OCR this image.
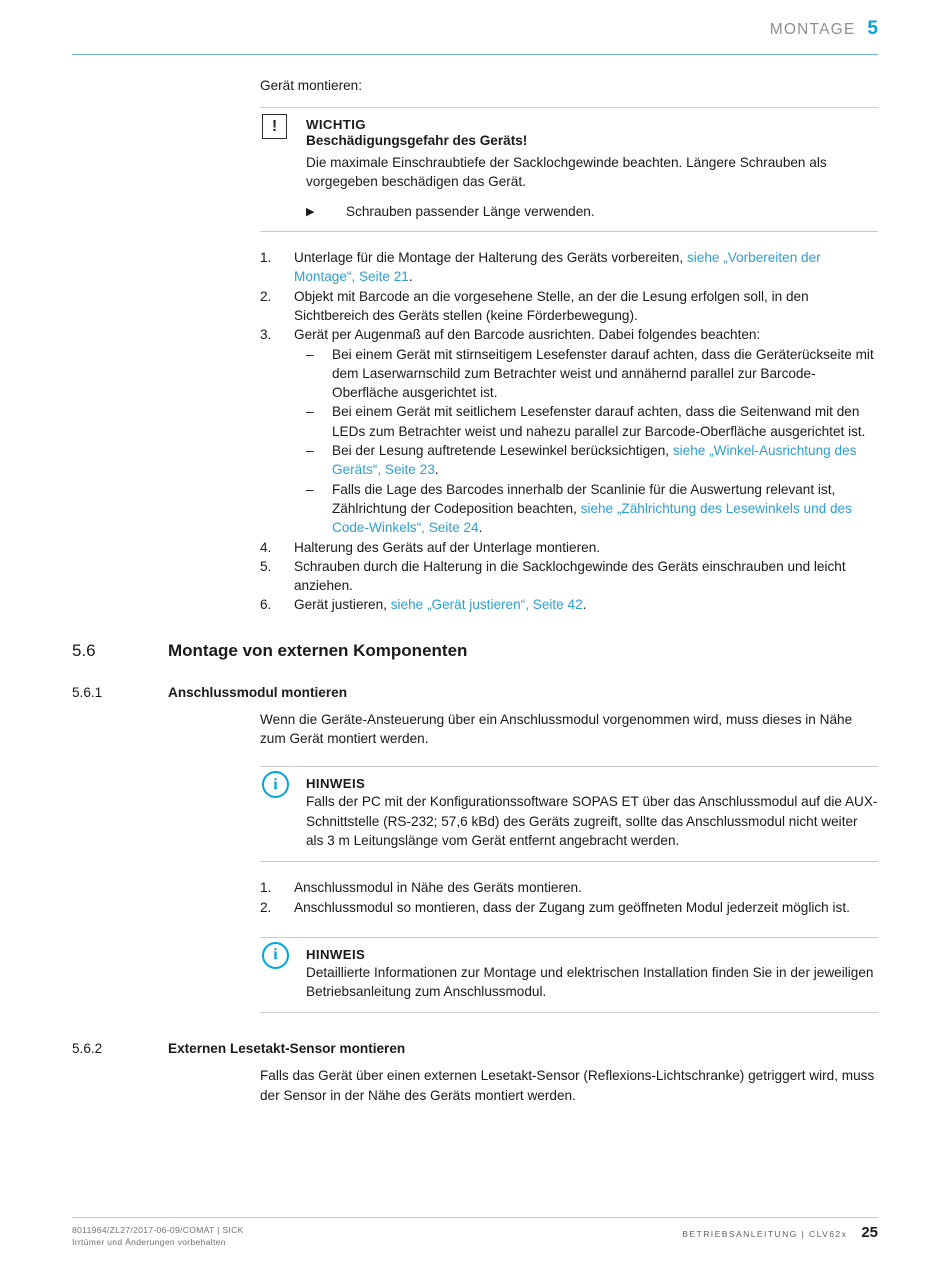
MONTAGE 5
Gerät montieren:
! WICHTIG
Beschädigungsgefahr des Geräts!
Die maximale Einschraubtiefe der Sacklochgewinde beachten. Längere Schrauben als vorgegeben beschädigen das Gerät.
▶	Schrauben passender Länge verwenden.
1.	Unterlage für die Montage der Halterung des Geräts vorbereiten, siehe „Vorbereiten der Montage“, Seite 21.
2.	Objekt mit Barcode an die vorgesehene Stelle, an der die Lesung erfolgen soll, in den Sichtbereich des Geräts stellen (keine Förderbewegung).
3.	Gerät per Augenmaß auf den Barcode ausrichten. Dabei folgendes beachten:
–	Bei einem Gerät mit stirnseitigem Lesefenster darauf achten, dass die Geräterückseite mit dem Laserwarnschild zum Betrachter weist und annähernd parallel zur Barcode-Oberfläche ausgerichtet ist.
–	Bei einem Gerät mit seitlichem Lesefenster darauf achten, dass die Seitenwand mit den LEDs zum Betrachter weist und nahezu parallel zur Barcode-Oberfläche ausgerichtet ist.
–	Bei der Lesung auftretende Lesewinkel berücksichtigen, siehe „Winkel-Ausrichtung des Geräts“, Seite 23.
–	Falls die Lage des Barcodes innerhalb der Scanlinie für die Auswertung relevant ist, Zählrichtung der Codeposition beachten, siehe „Zählrichtung des Lesewinkels und des Code-Winkels“, Seite 24.
4.	Halterung des Geräts auf der Unterlage montieren.
5.	Schrauben durch die Halterung in die Sacklochgewinde des Geräts einschrauben und leicht anziehen.
6.	Gerät justieren, siehe „Gerät justieren“, Seite 42.
5.6	Montage von externen Komponenten
5.6.1	Anschlussmodul montieren
Wenn die Geräte-Ansteuerung über ein Anschlussmodul vorgenommen wird, muss dieses in Nähe zum Gerät montiert werden.
i HINWEIS
Falls der PC mit der Konfigurationssoftware SOPAS ET über das Anschlussmodul auf die AUX-Schnittstelle (RS-232; 57,6 kBd) des Geräts zugreift, sollte das Anschlussmodul nicht weiter als 3 m Leitungslänge vom Gerät entfernt angebracht werden.
1.	Anschlussmodul in Nähe des Geräts montieren.
2.	Anschlussmodul so montieren, dass der Zugang zum geöffneten Modul jederzeit möglich ist.
i HINWEIS
Detaillierte Informationen zur Montage und elektrischen Installation finden Sie in der jeweiligen Betriebsanleitung zum Anschlussmodul.
5.6.2	Externen Lesetakt-Sensor montieren
Falls das Gerät über einen externen Lesetakt-Sensor (Reflexions-Lichtschranke) getriggert wird, muss der Sensor in der Nähe des Geräts montiert werden.
8011964/ZL27/2017-06-09/COMAT | SICK
Irrtümer und Änderungen vorbehalten
BETRIEBSANLEITUNG | CLV62x 25
